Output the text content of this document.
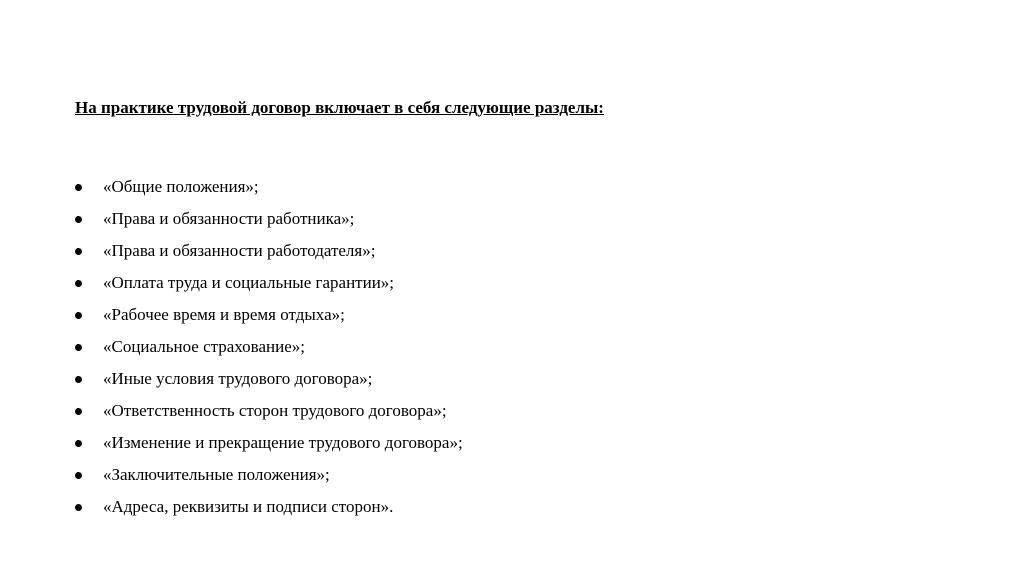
На практике трудовой договор включает в себя следующие разделы:
«Общие положения»;
«Права и обязанности работника»;
«Права и обязанности работодателя»;
«Оплата труда и социальные гарантии»;
«Рабочее время и время отдыха»;
«Социальное страхование»;
«Иные условия трудового договора»;
«Ответственность сторон трудового договора»;
«Изменение и прекращение трудового договора»;
«Заключительные положения»;
«Адреса, реквизиты и подписи сторон».
